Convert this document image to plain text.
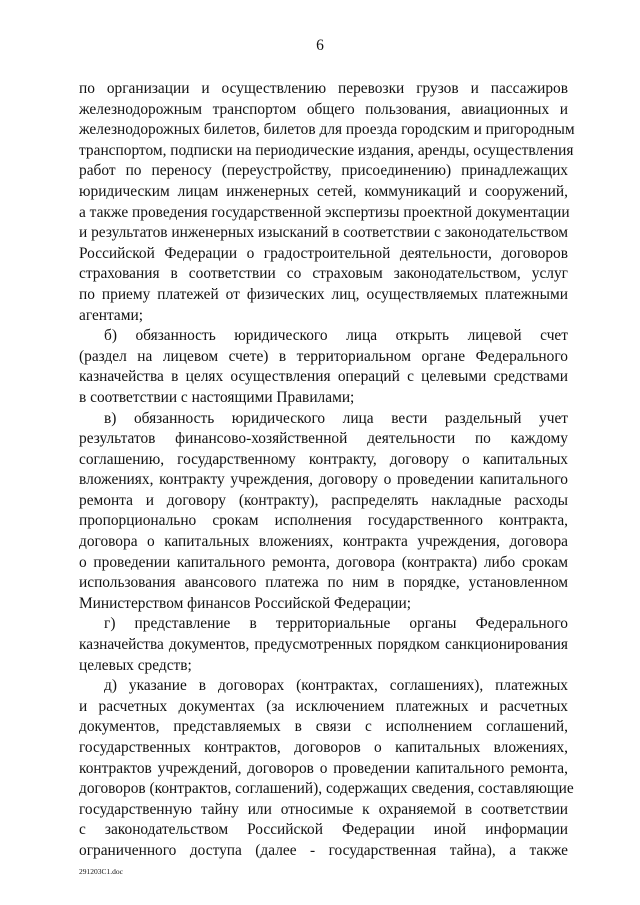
6
по организации и осуществлению перевозки грузов и пассажиров
железнодорожным транспортом общего пользования, авиационных и
железнодорожных билетов, билетов для проезда городским и пригородным
транспортом, подписки на периодические издания, аренды, осуществления
работ по переносу (переустройству, присоединению) принадлежащих
юридическим лицам инженерных сетей, коммуникаций и сооружений,
а также проведения государственной экспертизы проектной документации
и результатов инженерных изысканий в соответствии с законодательством
Российской Федерации о градостроительной деятельности, договоров
страхования в соответствии со страховым законодательством, услуг
по приему платежей от физических лиц, осуществляемых платежными
агентами;
б) обязанность юридического лица открыть лицевой счет
(раздел на лицевом счете) в территориальном органе Федерального
казначейства в целях осуществления операций с целевыми средствами
в соответствии с настоящими Правилами;
в) обязанность юридического лица вести раздельный учет
результатов финансово-хозяйственной деятельности по каждому
соглашению, государственному контракту, договору о капитальных
вложениях, контракту учреждения, договору о проведении капитального
ремонта и договору (контракту), распределять накладные расходы
пропорционально срокам исполнения государственного контракта,
договора о капитальных вложениях, контракта учреждения, договора
о проведении капитального ремонта, договора (контракта) либо срокам
использования авансового платежа по ним в порядке, установленном
Министерством финансов Российской Федерации;
г) представление в территориальные органы Федерального
казначейства документов, предусмотренных порядком санкционирования
целевых средств;
д) указание в договорах (контрактах, соглашениях), платежных
и расчетных документах (за исключением платежных и расчетных
документов, представляемых в связи с исполнением соглашений,
государственных контрактов, договоров о капитальных вложениях,
контрактов учреждений, договоров о проведении капитального ремонта,
договоров (контрактов, соглашений), содержащих сведения, составляющие
государственную тайну или относимые к охраняемой в соответствии
с законодательством Российской Федерации иной информации
ограниченного доступа (далее - государственная тайна), а также
291203C1.doc
